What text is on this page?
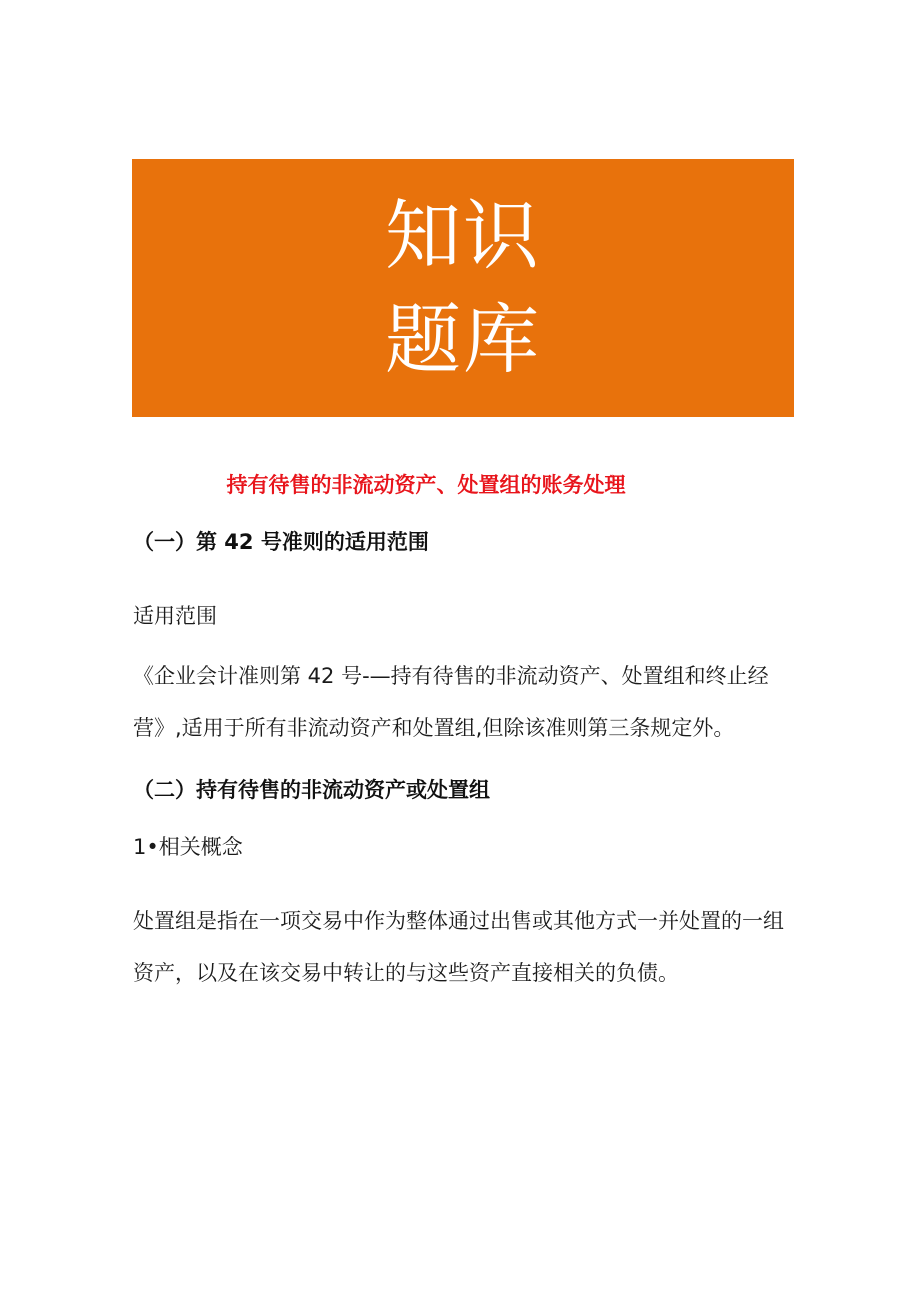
知识
题库
持有待售的非流动资产、处置组的账务处理
（一）第 42 号准则的适用范围

适用范围

《企业会计准则第 42 号-—持有待售的非流动资产、处置组和终止经营》,适用于所有非流动资产和处置组,但除该准则第三条规定外。

（二）持有待售的非流动资产或处置组

1•相关概念

处置组是指在一项交易中作为整体通过出售或其他方式一并处置的一组资产，以及在该交易中转让的与这些资产直接相关的负债。
